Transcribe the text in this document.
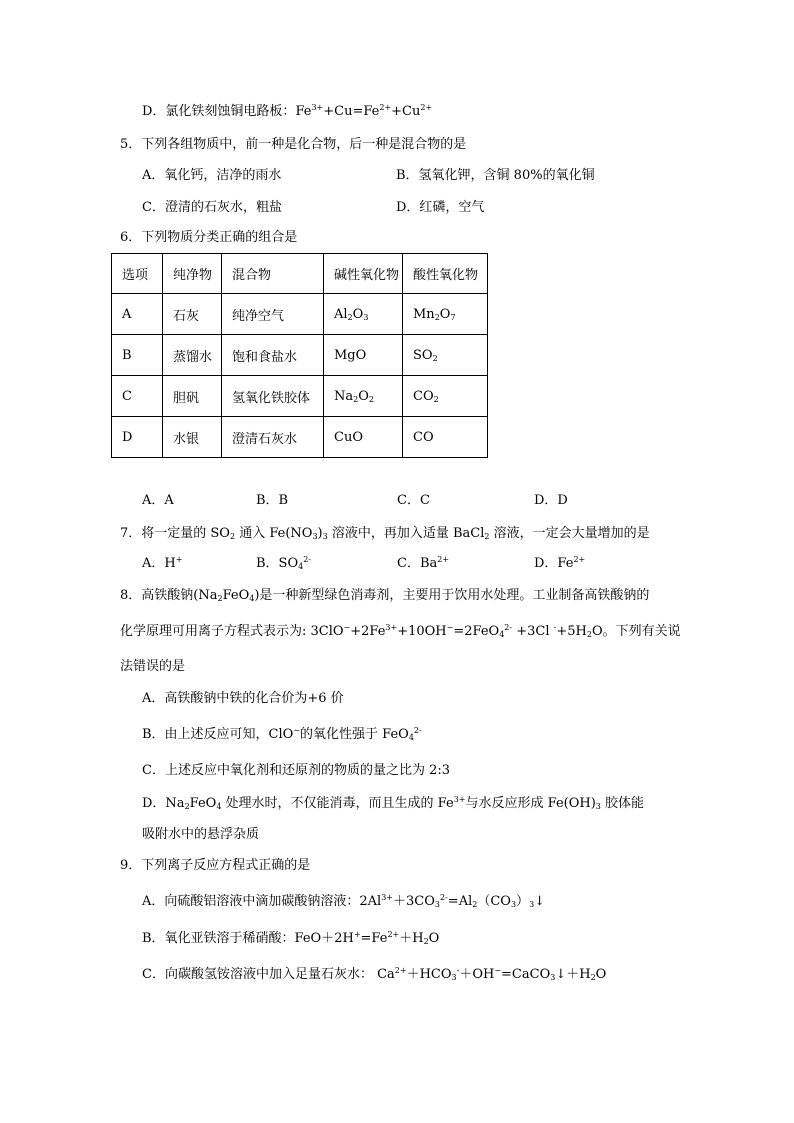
D．氯化铁刻蚀铜电路板：$Fe^{3+}+Cu=Fe^{2+}+Cu^{2+}$
5．下列各组物质中，前一种是化合物，后一种是混合物的是
A．氧化钙，洁净的雨水	B．氢氧化钾，含铜 80%的氧化铜
C．澄清的石灰水，粗盐	D．红磷，空气
6．下列物质分类正确的组合是
选项	纯净物	混合物	碱性氧化物	酸性氧化物
A	石灰	纯净空气	$Al_2O_3$	$Mn_2O_7$
B	蒸馏水	饱和食盐水	MgO	$SO_2$
C	胆矾	氢氧化铁胶体	$Na_2O_2$	$CO_2$
D	水银	澄清石灰水	CuO	CO
A．A	B．B	C．C	D．D
7．将一定量的 $SO_2$ 通入 $Fe(NO_3)_3$ 溶液中，再加入适量 BaCl$_2$ 溶液，一定会大量增加的是
A．H+	B．$SO_4^{2-}$	C．$Ba^{2+}$	D．$Fe^{2+}$
8．高铁酸钠$(Na_2FeO_4)$是一种新型绿色消毒剂，主要用于饮用水处理。工业制备高铁酸钠的
化学原理可用离子方程式表示为: $3ClO^-+2Fe^{3+}+10OH^-=2FeO_4^{2-} +3Cl$ $^-+5H_2O$。下列有关说
法错误的是
A．高铁酸钠中铁的化合价为+6 价
B．由上述反应可知，ClO−的氧化性强于 FeO$_4^{2-}$
C．上述反应中氧化剂和还原剂的物质的量之比为 2:3
D．$Na_2FeO_4$ 处理水时，不仅能消毒，而且生成的 $Fe^{3+}$与水反应形成 $Fe(OH)_3$ 胶体能
吸附水中的悬浮杂质
9．下列离子反应方程式正确的是
A．向硫酸铝溶液中滴加碳酸钠溶液：$2Al^{3+}+3CO_3^{2-}=Al_2(CO_3)_3↓$
B．氧化亚铁溶于稀硝酸：$FeO+2H^+=Fe^{2+}+H_2O$
C．向碳酸氢铵溶液中加入足量石灰水： $Ca^{2+}+HCO_3^-+OH^-=CaCO_3↓+H_2O$
